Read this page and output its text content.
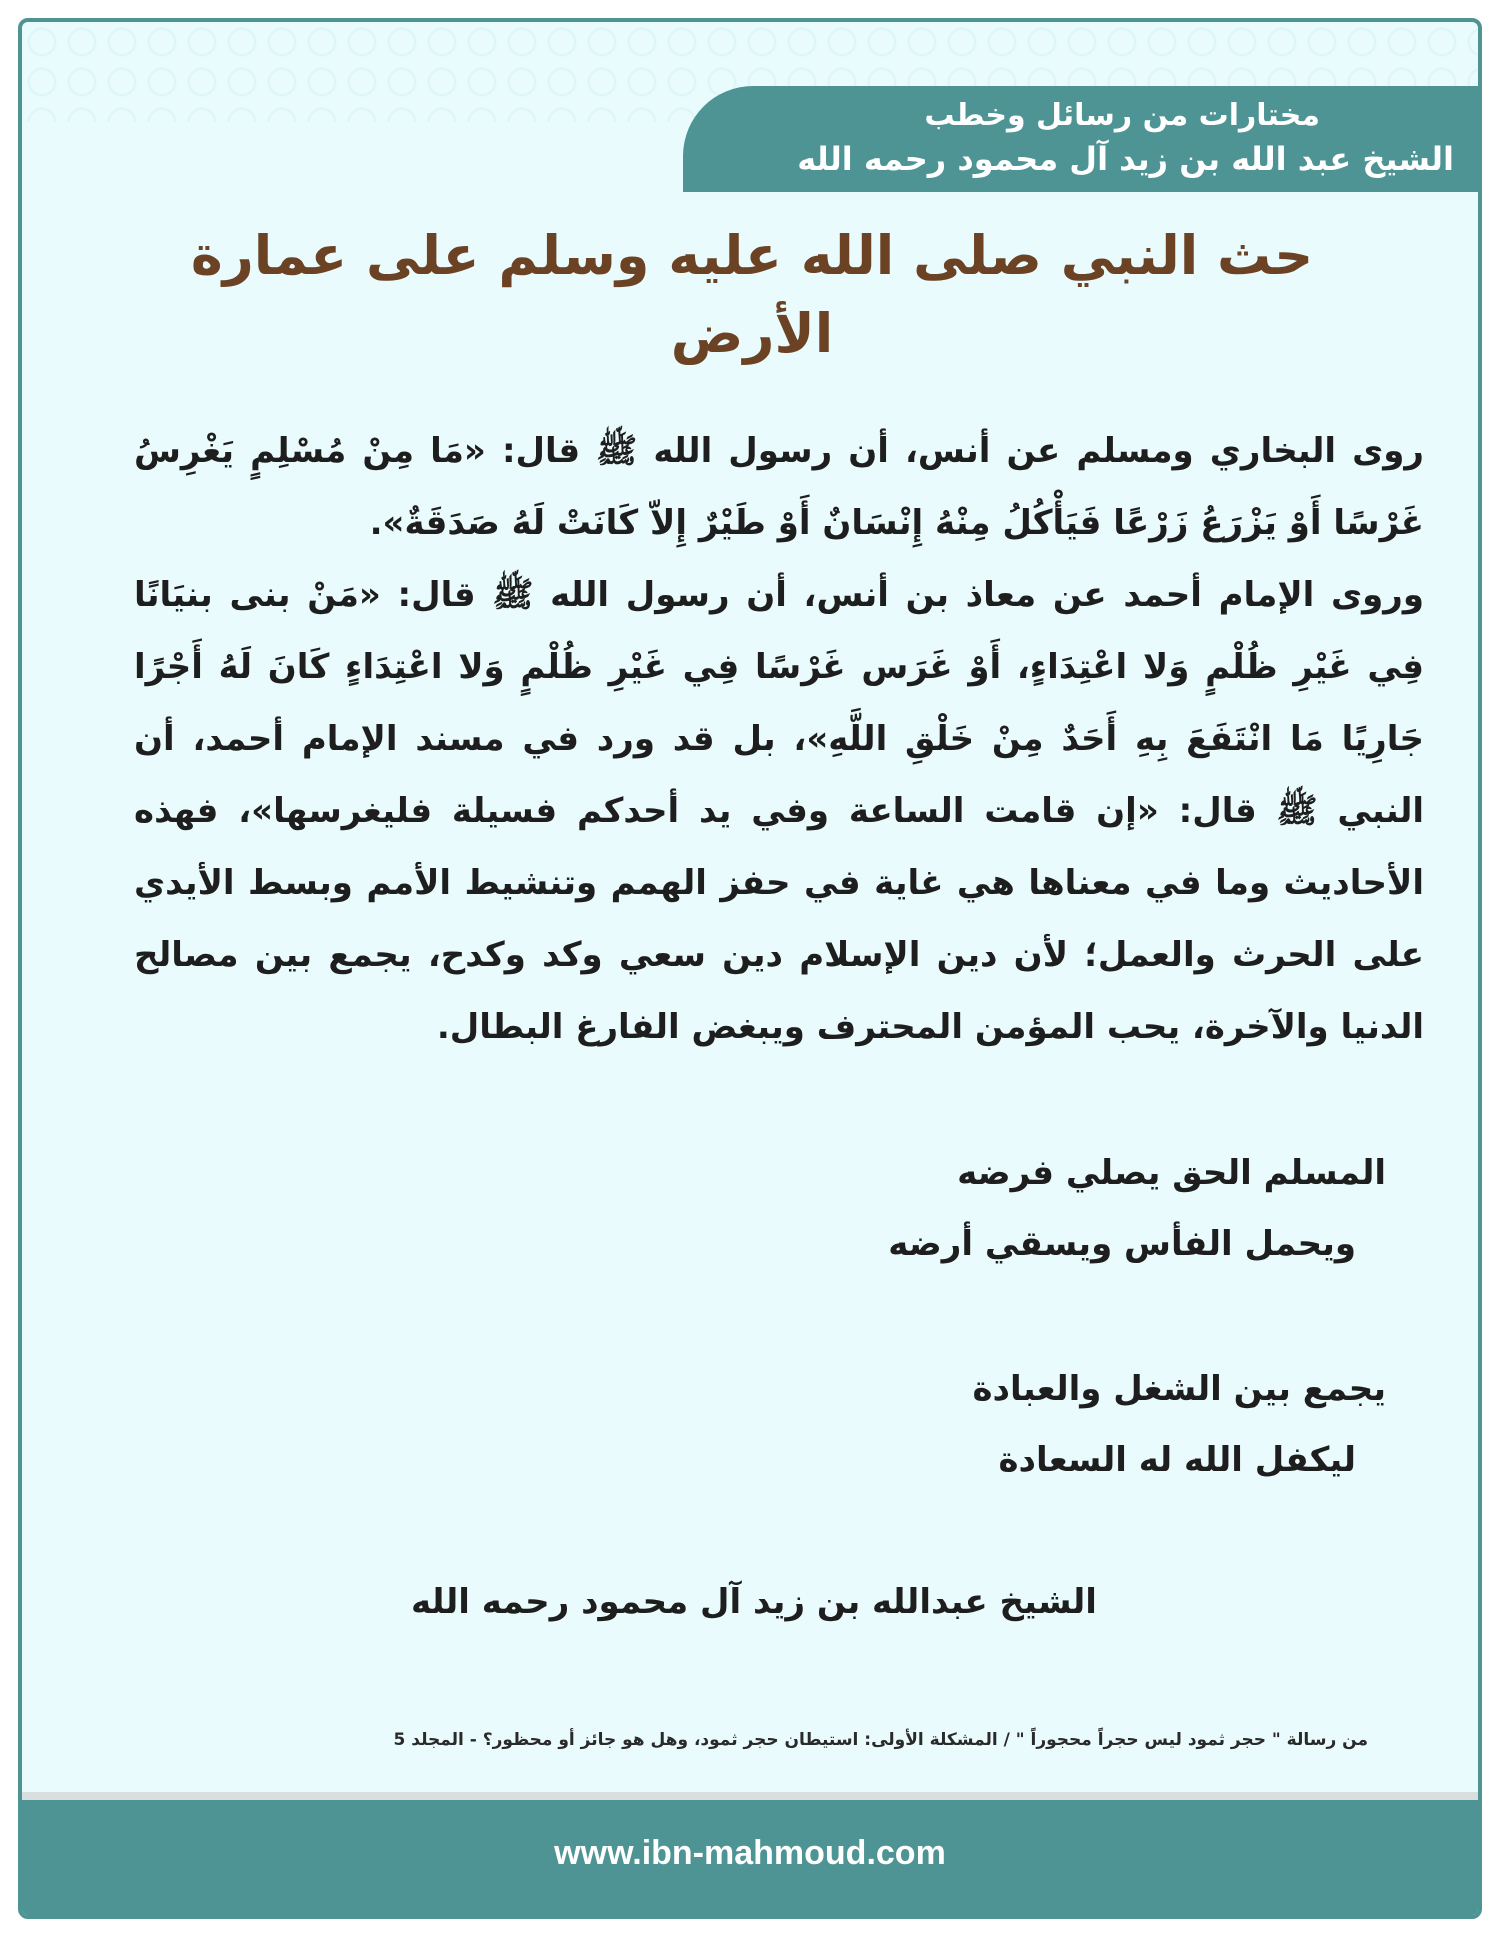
مختارات من رسائل وخطب
الشيخ عبد الله بن زيد آل محمود رحمه الله
حث النبي صلى الله عليه وسلم على عمارة الأرض

روى البخاري ومسلم عن أنس، أن رسول الله ﷺ قال: «مَا مِنْ مُسْلِمٍ يَغْرِسُ غَرْسًا أَوْ يَزْرَعُ زَرْعًا فَيَأْكُلُ مِنْهُ إِنْسَانٌ أَوْ طَيْرٌ إِلاّ كَانَتْ لَهُ صَدَقَةٌ».

وروى الإمام أحمد عن معاذ بن أنس، أن رسول الله ﷺ قال: «مَنْ بنى بنيَانًا فِي غَيْرِ ظُلْمٍ وَلا اعْتِدَاءٍ، أَوْ غَرَس غَرْسًا فِي غَيْرِ ظُلْمٍ وَلا اعْتِدَاءٍ كَانَ لَهُ أَجْرًا جَارِيًا مَا انْتَفَعَ بِهِ أَحَدٌ مِنْ خَلْقِ اللَّهِ»، بل قد ورد في مسند الإمام أحمد، أن النبي ﷺ قال: «إن قامت الساعة وفي يد أحدكم فسيلة فليغرسها»، فهذه الأحاديث وما في معناها هي غاية في حفز الهمم وتنشيط الأمم وبسط الأيدي على الحرث والعمل؛ لأن دين الإسلام دين سعي وكد وكدح، يجمع بين مصالح الدنيا والآخرة، يحب المؤمن المحترف ويبغض الفارغ البطال.

المسلم الحق يصلي فرضه
ويحمل الفأس ويسقي أرضه
يجمع بين الشغل والعبادة
ليكفل الله له السعادة
الشيخ عبدالله بن زيد آل محمود رحمه الله
من رسالة " حجر ثمود ليس حجراً محجوراً " / المشكلة الأولى: استيطان حجر ثمود، وهل هو جائز أو محظور؟ - المجلد 5
www.ibn-mahmoud.com
